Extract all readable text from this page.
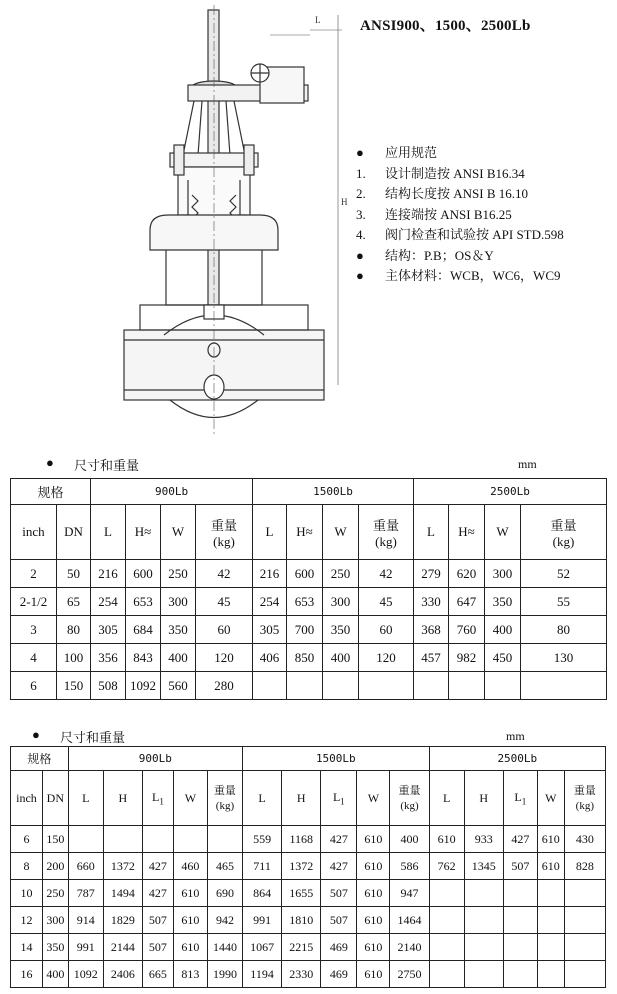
H
L	ANSI900、1500、2500Lb
●	应用规范
1.	设计制造按 ANSI B16.34
2.	结构长度按 ANSI B 16.10
3.	连接端按 ANSI B16.25
4.	阀门检查和试验按 API STD.598
●	结构：P.B；OS＆Y
●	主体材料：WCB，WC6，WC9
● 尺寸和重量	mm
规格		900Lb				1500Lb				2500Lb			
inch	DN	L	H≈	W	重量
(kg)	L	H≈	W	重量
(kg)	L	H≈	W	重量
(kg)
2	50	216	600	250	42	216	600	250	42	279	620	300	52
2-1/2	65	254	653	300	45	254	653	300	45	330	647	350	55
3	80	305	684	350	60	305	700	350	60	368	760	400	80
4	100	356	843	400	120	406	850	400	120	457	982	450	130
6	150	508	1092	560	280								
● 尺寸和重量	mm
规格		900Lb					1500Lb					2500Lb				
inch	DN	L	H	$L_1$	W	重量
(kg)	L	H	$L_1$	W	重量
(kg)	L	H	$L_1$	W	重量
(kg)
6	150						559	1168	427	610	400	610	933	427	610	430
8	200	660	1372	427	460	465	711	1372	427	610	586	762	1345	507	610	828
10	250	787	1494	427	610	690	864	1655	507	610	947					
12	300	914	1829	507	610	942	991	1810	507	610	1464					
14	350	991	2144	507	610	1440	1067	2215	469	610	2140					
16	400	1092	2406	665	813	1990	1194	2330	469	610	2750					
